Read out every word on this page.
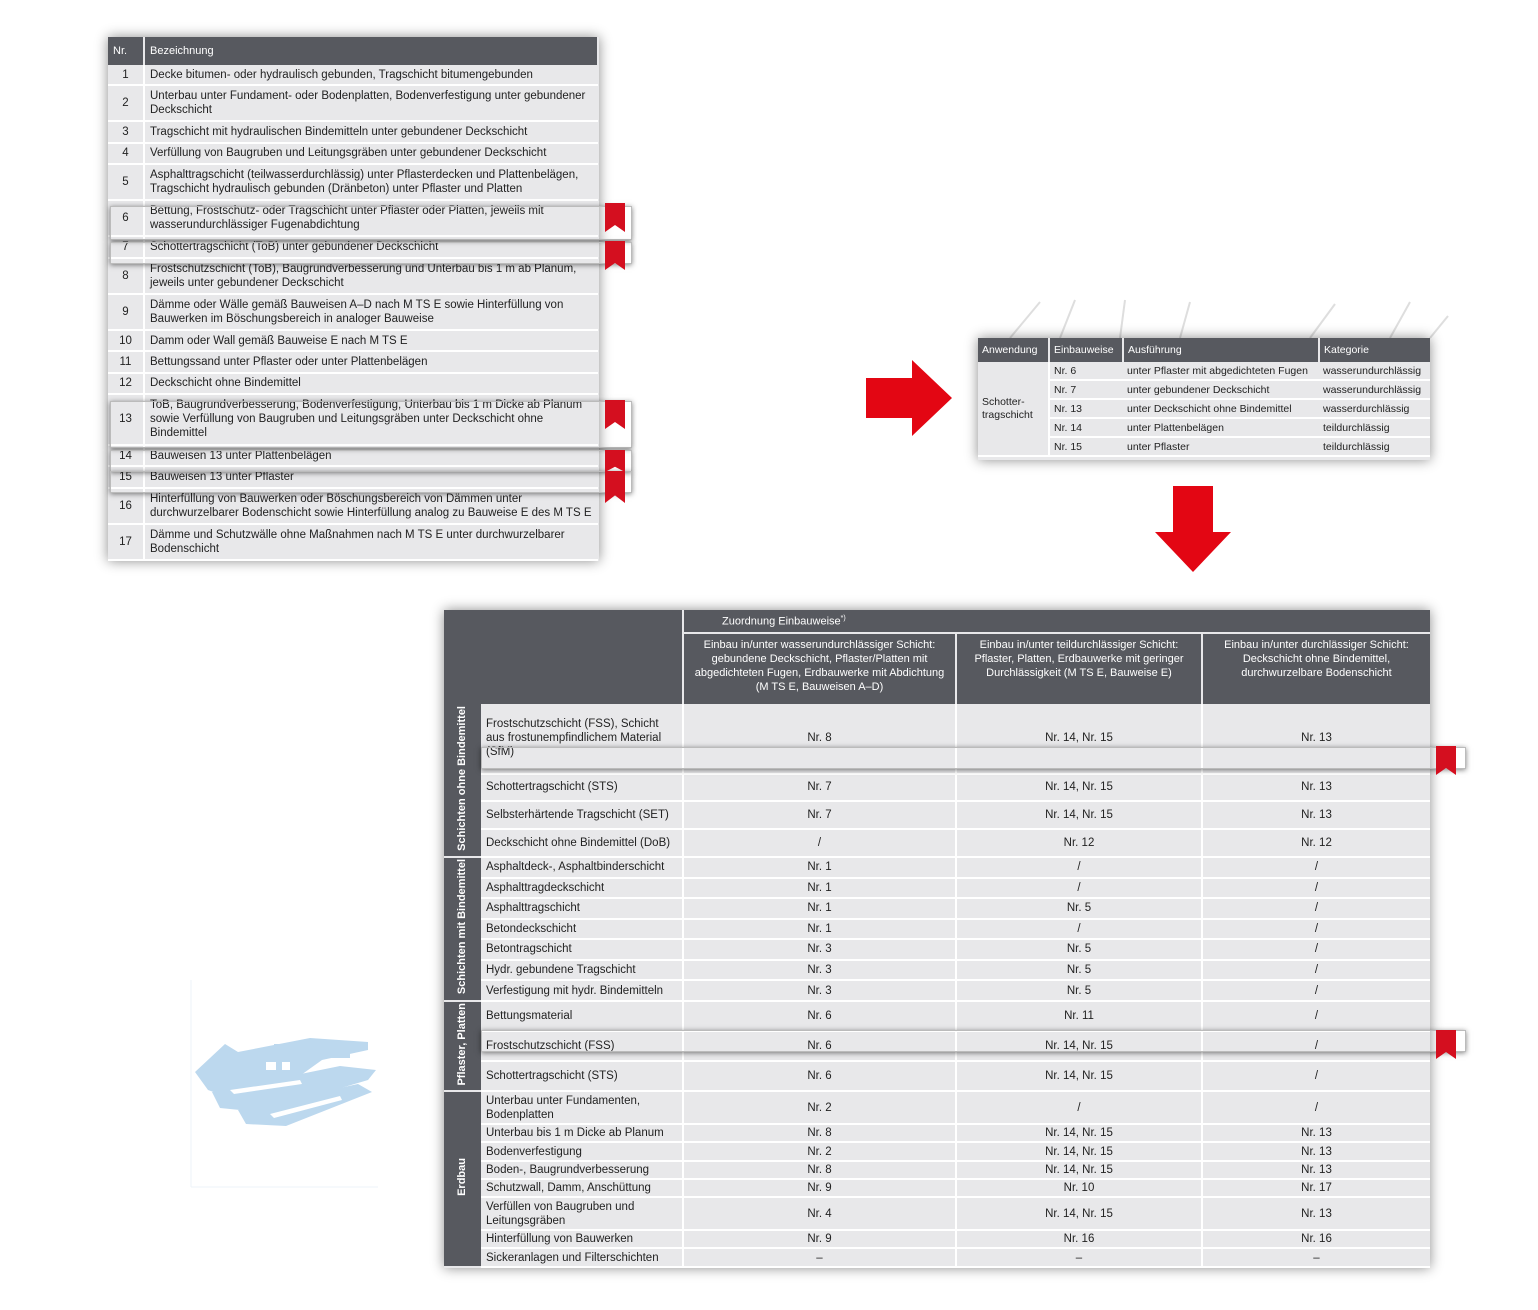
Nr.	Bezeichnung
1	Decke bitumen- oder hydraulisch gebunden, Tragschicht bitumengebunden
2	Unterbau unter Fundament- oder Bodenplatten, Bodenverfestigung unter gebundener Deckschicht
3	Tragschicht mit hydraulischen Bindemitteln unter gebundener Deckschicht
4	Verfüllung von Baugruben und Leitungsgräben unter gebundener Deckschicht
5	Asphalttragschicht (teilwasserdurchlässig) unter Pflasterdecken und Plattenbelägen, Tragschicht hydraulisch gebunden (Dränbeton) unter Pflaster und Platten
6	Bettung, Frostschutz- oder Tragschicht unter Pflaster oder Platten, jeweils mit wasserundurchlässiger Fugenabdichtung
7	Schottertragschicht (ToB) unter gebundener Deckschicht
8	Frostschutzschicht (ToB), Baugrundverbesserung und Unterbau bis 1 m ab Planum, jeweils unter gebundener Deckschicht
9	Dämme oder Wälle gemäß Bauweisen A–D nach M TS E sowie Hinterfüllung von Bauwerken im Böschungsbereich in analoger Bauweise
10	Damm oder Wall gemäß Bauweise E nach M TS E
11	Bettungssand unter Pflaster oder unter Plattenbelägen
12	Deckschicht ohne Bindemittel
13	ToB, Baugrundverbesserung, Bodenverfestigung, Unterbau bis 1 m Dicke ab Planum sowie Verfüllung von Baugruben und Leitungsgräben unter Deckschicht ohne Bindemittel
14	Bauweisen 13 unter Plattenbelägen
15	Bauweisen 13 unter Pflaster
16	Hinterfüllung von Bauwerken oder Böschungsbereich von Dämmen unter durchwurzelbarer Bodenschicht sowie Hinterfüllung analog zu Bauweise E des M TS E
17	Dämme und Schutzwälle ohne Maßnahmen nach M TS E unter durchwurzelbarer Bodenschicht
Anwendung	Einbauweise	Ausführung	Kategorie
Schotter-tragschicht	Nr. 6	unter Pflaster mit abgedichteten Fugen	wasserundurchlässig
	Nr. 7	unter gebundener Deckschicht	wasserundurchlässig
	Nr. 13	unter Deckschicht ohne Bindemittel	wasserdurchlässig
	Nr. 14	unter Plattenbelägen	teildurchlässig
	Nr. 15	unter Pflaster	teildurchlässig
		Zuordnung Einbauweise*)
		Einbau in/unter wasserundurchlässiger Schicht: gebundene Deckschicht, Pflaster/Platten mit abgedichteten Fugen, Erdbauwerke mit Abdichtung (M TS E, Bauweisen A–D)	Einbau in/unter teildurchlässiger Schicht: Pflaster, Platten, Erdbauwerke mit geringer Durchlässigkeit (M TS E, Bauweise E)	Einbau in/unter durchlässiger Schicht: Deckschicht ohne Bindemittel, durchwurzelbare Bodenschicht
Schichten ohne Bindemittel	Frostschutzschicht (FSS), Schicht aus frostunempfindlichem Material (SfM)	Nr. 8	Nr. 14, Nr. 15	Nr. 13
	Schottertragschicht (STS)	Nr. 7	Nr. 14, Nr. 15	Nr. 13
	Selbsterhärtende Tragschicht (SET)	Nr. 7	Nr. 14, Nr. 15	Nr. 13
	Deckschicht ohne Bindemittel (DoB)	/	Nr. 12	Nr. 12
Schichten mit Bindemittel	Asphaltdeck-, Asphaltbinderschicht	Nr. 1	/	/
	Asphalttragdeckschicht	Nr. 1	/	/
	Asphalttragschicht	Nr. 1	Nr. 5	/
	Betondeckschicht	Nr. 1	/	/
	Betontragschicht	Nr. 3	Nr. 5	/
	Hydr. gebundene Tragschicht	Nr. 3	Nr. 5	/
	Verfestigung mit hydr. Bindemitteln	Nr. 3	Nr. 5	/
Pflaster, Platten	Bettungsmaterial	Nr. 6	Nr. 11	/
	Frostschutzschicht (FSS)	Nr. 6	Nr. 14, Nr. 15	/
	Schottertragschicht (STS)	Nr. 6	Nr. 14, Nr. 15	/
Erdbau	Unterbau unter Fundamenten, Bodenplatten	Nr. 2	/	/
	Unterbau bis 1 m Dicke ab Planum	Nr. 8	Nr. 14, Nr. 15	Nr. 13
	Bodenverfestigung	Nr. 2	Nr. 14, Nr. 15	Nr. 13
	Boden-, Baugrundverbesserung	Nr. 8	Nr. 14, Nr. 15	Nr. 13
	Schutzwall, Damm, Anschüttung	Nr. 9	Nr. 10	Nr. 17
	Verfüllen von Baugruben und Leitungsgräben	Nr. 4	Nr. 14, Nr. 15	Nr. 13
	Hinterfüllung von Bauwerken	Nr. 9	Nr. 16	Nr. 16
	Sickeranlagen und Filterschichten	–	–	–
